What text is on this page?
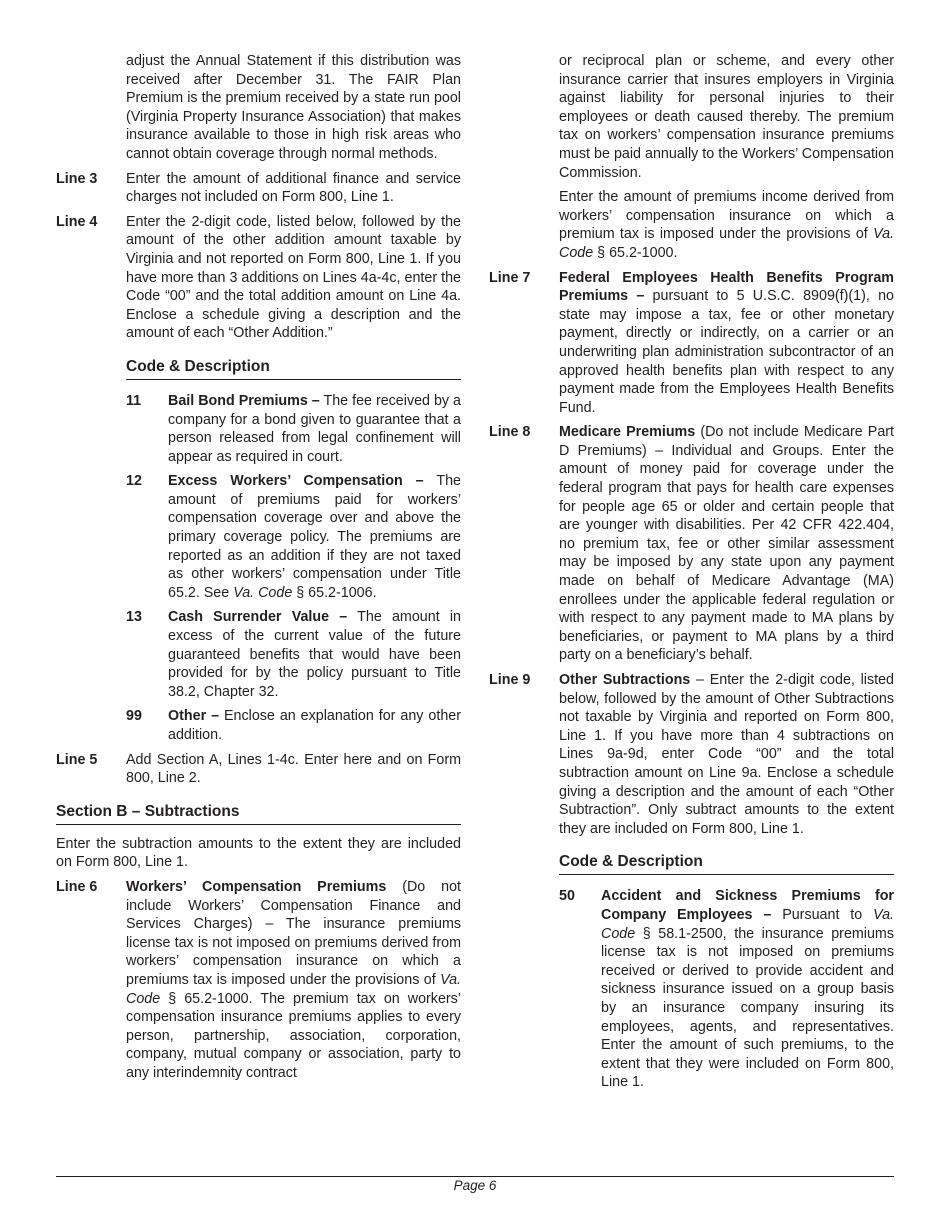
adjust the Annual Statement if this distribution was received after December 31. The FAIR Plan Premium is the premium received by a state run pool (Virginia Property Insurance Association) that makes insurance available to those in high risk areas who cannot obtain coverage through normal methods.

Line 3	Enter the amount of additional finance and service charges not included on Form 800, Line 1.
Line 4	Enter the 2-digit code, listed below, followed by the amount of the other addition amount taxable by Virginia and not reported on Form 800, Line 1. If you have more than 3 additions on Lines 4a-4c, enter the Code “00” and the total addition amount on Line 4a. Enclose a schedule giving a description and the amount of each “Other Addition.”
Code & Description
11	Bail Bond Premiums – The fee received by a company for a bond given to guarantee that a person released from legal confinement will appear as required in court.
12	Excess Workers’ Compensation – The amount of premiums paid for workers’ compensation coverage over and above the primary coverage policy. The premiums are reported as an addition if they are not taxed as other workers’ compensation under Title 65.2. See Va. Code § 65.2-1006.
13	Cash Surrender Value – The amount in excess of the current value of the future guaranteed benefits that would have been provided for by the policy pursuant to Title 38.2, Chapter 32.
99	Other – Enclose an explanation for any other addition.
Line 5	Add Section A, Lines 1-4c. Enter here and on Form 800, Line 2.
Section B – Subtractions

Enter the subtraction amounts to the extent they are included on Form 800, Line 1.

Line 6	Workers’ Compensation Premiums (Do not include Workers’ Compensation Finance and Services Charges) – The insurance premiums license tax is not imposed on premiums derived from workers’ compensation insurance on which a premiums tax is imposed under the provisions of Va. Code § 65.2-1000. The premium tax on workers’ compensation insurance premiums applies to every person, partnership, association, corporation, company, mutual company or association, party to any interindemnity contract

or reciprocal plan or scheme, and every other insurance carrier that insures employers in Virginia against liability for personal injuries to their employees or death caused thereby. The premium tax on workers’ compensation insurance premiums must be paid annually to the Workers’ Compensation Commission.

Enter the amount of premiums income derived from workers’ compensation insurance on which a premium tax is imposed under the provisions of Va. Code § 65.2-1000.

Line 7	Federal Employees Health Benefits Program Premiums – pursuant to 5 U.S.C. 8909(f)(1), no state may impose a tax, fee or other monetary payment, directly or indirectly, on a carrier or an underwriting plan administration subcontractor of an approved health benefits plan with respect to any payment made from the Employees Health Benefits Fund.
Line 8	Medicare Premiums (Do not include Medicare Part D Premiums) – Individual and Groups. Enter the amount of money paid for coverage under the federal program that pays for health care expenses for people age 65 or older and certain people that are younger with disabilities. Per 42 CFR 422.404, no premium tax, fee or other similar assessment may be imposed by any state upon any payment made on behalf of Medicare Advantage (MA) enrollees under the applicable federal regulation or with respect to any payment made to MA plans by beneficiaries, or payment to MA plans by a third party on a beneficiary’s behalf.
Line 9	Other Subtractions – Enter the 2-digit code, listed below, followed by the amount of Other Subtractions not taxable by Virginia and reported on Form 800, Line 1. If you have more than 4 subtractions on Lines 9a-9d, enter Code “00” and the total subtraction amount on Line 9a. Enclose a schedule giving a description and the amount of each “Other Subtraction”. Only subtract amounts to the extent they are included on Form 800, Line 1.
Code & Description
50	Accident and Sickness Premiums for Company Employees – Pursuant to Va. Code § 58.1-2500, the insurance premiums license tax is not imposed on premiums received or derived to provide accident and sickness insurance issued on a group basis by an insurance company insuring its employees, agents, and representatives. Enter the amount of such premiums, to the extent that they were included on Form 800, Line 1.
Page 6
